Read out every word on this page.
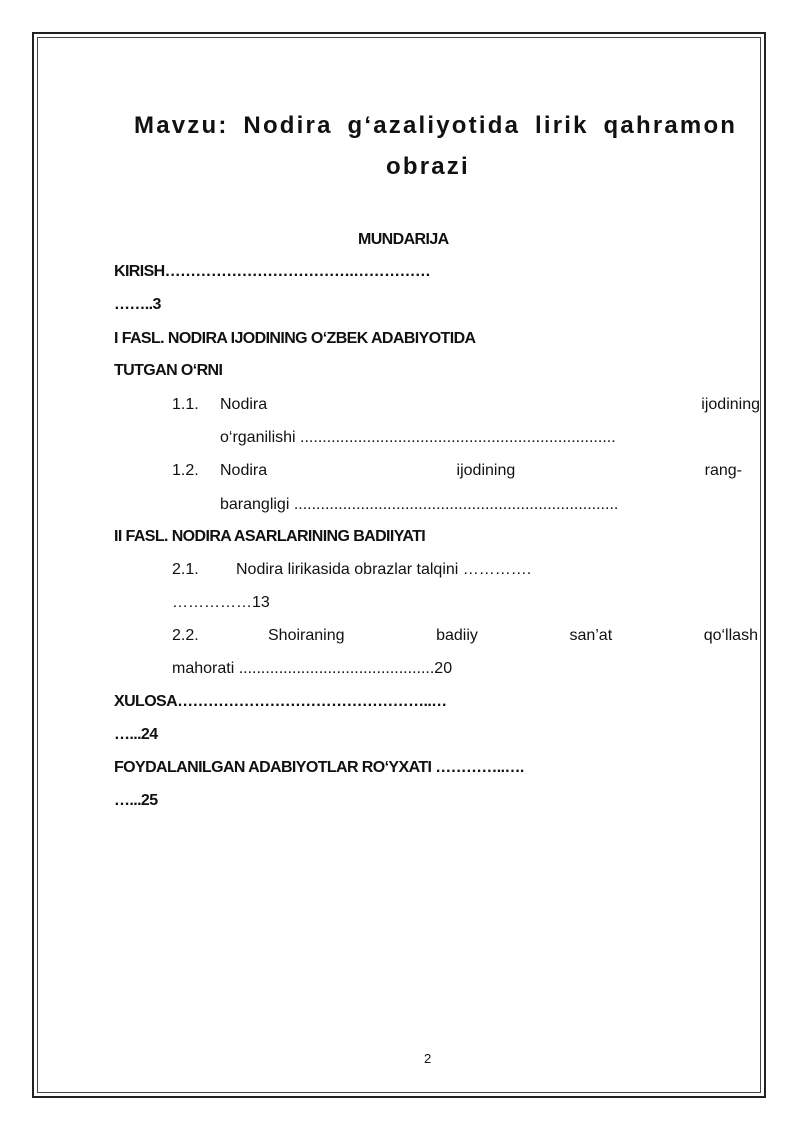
Mavzu: Nodira g‘azaliyotida lirik qahramon
obrazi
MUNDARIJA
KIRISH……………………………….……………
……..3
I FASL. NODIRA IJODINING O‘ZBEK ADABIYOTIDA
TUTGAN O‘RNI
1.1. Nodira	ijodining
o‘rganilishi .......................................................................
1.2. Nodira	ijodining	rang-
barangligi .........................................................................
II FASL. NODIRA ASARLARINING BADIIYATI
2.1. Nodira lirikasida obrazlar talqini ………….
……………13
2.2.	Shoiraning	badiiy	san’at	qo‘llash
mahorati ............................................20
XULOSA…………………………………………..…
…...24
FOYDALANILGAN ADABIYOTLAR RO‘YXATI …………..….
…...25
2
